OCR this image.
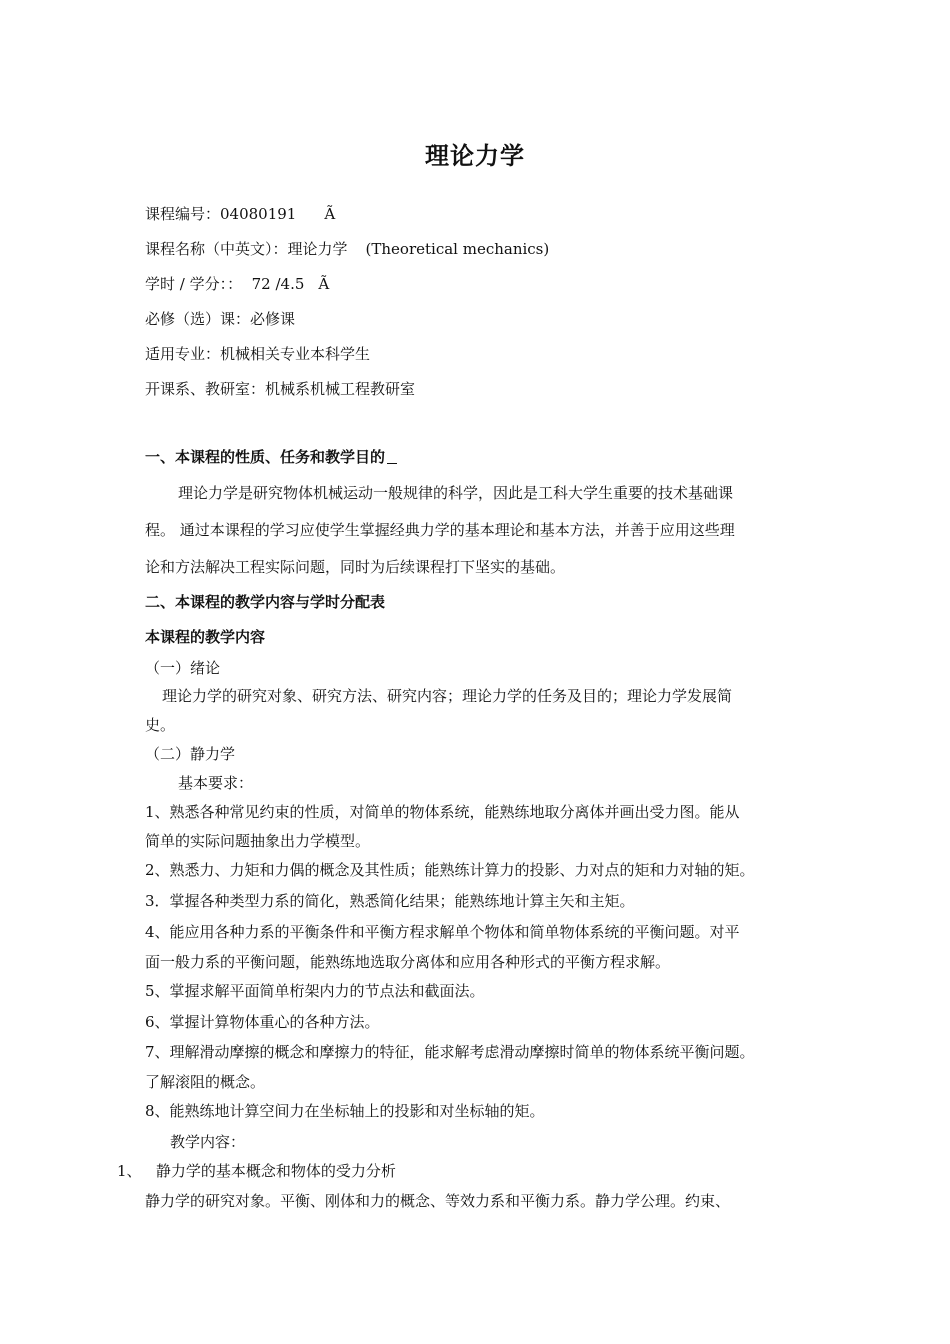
理论力学
课程编号：04080191 Ã
课程名称（中英文）：理论力学 (Theoretical mechanics)
学时 / 学分：：  72 /4.5 Ã
必修（选）课：必修课
适用专业：机械相关专业本科学生
开课系、教研室：机械系机械工程教研室
一、本课程的性质、任务和教学目的
理论力学是研究物体机械运动一般规律的科学，因此是工科大学生重要的技术基础课
程。 通过本课程的学习应使学生掌握经典力学的基本理论和基本方法，并善于应用这些理
论和方法解决工程实际问题，同时为后续课程打下坚实的基础。
二、本课程的教学内容与学时分配表
本课程的教学内容
（一）绪论
理论力学的研究对象、研究方法、研究内容；理论力学的任务及目的；理论力学发展简
史。
（二）静力学
基本要求：
1、熟悉各种常见约束的性质，对简单的物体系统，能熟练地取分离体并画出受力图。能从
简单的实际问题抽象出力学模型。
2、熟悉力、力矩和力偶的概念及其性质；能熟练计算力的投影、力对点的矩和力对轴的矩。
3．掌握各种类型力系的简化，熟悉简化结果；能熟练地计算主矢和主矩。
4、能应用各种力系的平衡条件和平衡方程求解单个物体和简单物体系统的平衡问题。对平
面一般力系的平衡问题，能熟练地选取分离体和应用各种形式的平衡方程求解。
5、掌握求解平面简单桁架内力的节点法和截面法。
6、掌握计算物体重心的各种方法。
7、理解滑动摩擦的概念和摩擦力的特征，能求解考虑滑动摩擦时简单的物体系统平衡问题。
了解滚阻的概念。
8、能熟练地计算空间力在坐标轴上的投影和对坐标轴的矩。
教学内容：
1、   静力学的基本概念和物体的受力分析
静力学的研究对象。平衡、刚体和力的概念、等效力系和平衡力系。静力学公理。约束、
